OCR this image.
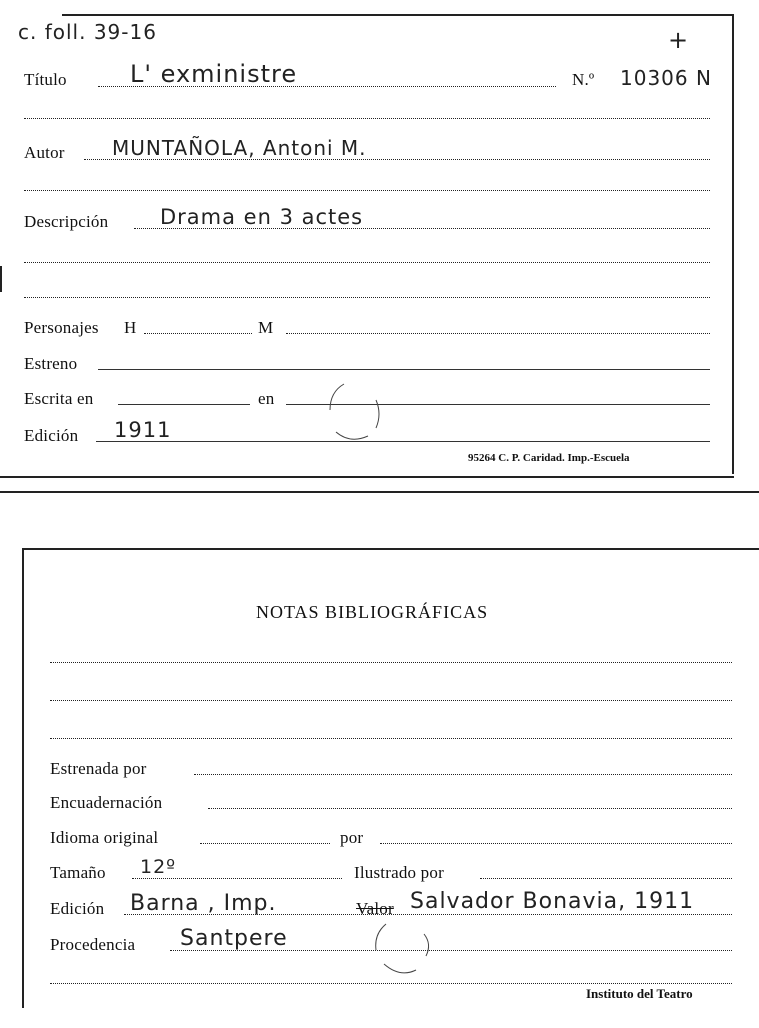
c. foll. 39-16	+
Título	L' exministre	N.º 10306 N
Autor MUNTAÑOLA, Antoni M.
Descripción Drama en 3 actes
Personajes H	M
Estreno
Escrita en	en
Edición 1911
95264 C. P. Caridad. Imp.-Escuela
NOTAS BIBLIOGRÁFICAS
Estrenada por
Encuadernación
Idioma original	por
Tamaño 12º	Ilustrado por
Edición Barna , Imp.	Valor Salvador Bonavia, 1911
Procedencia Santpere
Instituto del Teatro
